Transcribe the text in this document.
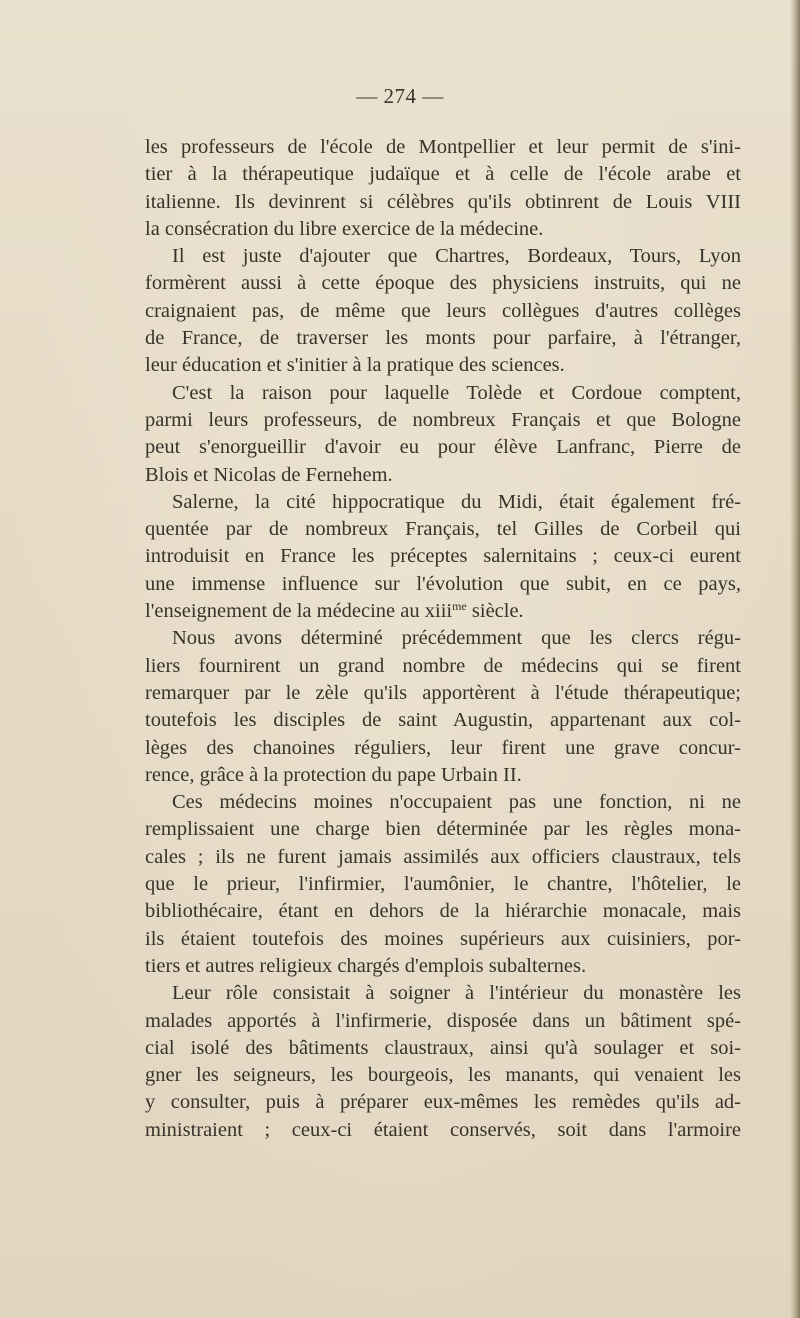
— 274 —
les professeurs de l'école de Montpellier et leur permit de s'ini-
tier à la thérapeutique judaïque et à celle de l'école arabe et
italienne. Ils devinrent si célèbres qu'ils obtinrent de Louis VIII
la consécration du libre exercice de la médecine.
Il est juste d'ajouter que Chartres, Bordeaux, Tours, Lyon
formèrent aussi à cette époque des physiciens instruits, qui ne
craignaient pas, de même que leurs collègues d'autres collèges
de France, de traverser les monts pour parfaire, à l'étranger,
leur éducation et s'initier à la pratique des sciences.
C'est la raison pour laquelle Tolède et Cordoue comptent,
parmi leurs professeurs, de nombreux Français et que Bologne
peut s'enorgueillir d'avoir eu pour élève Lanfranc, Pierre de
Blois et Nicolas de Fernehem.
Salerne, la cité hippocratique du Midi, était également fré-
quentée par de nombreux Français, tel Gilles de Corbeil qui
introduisit en France les préceptes salernitains ; ceux-ci eurent
une immense influence sur l'évolution que subit, en ce pays,
l'enseignement de la médecine au xiii$^{me}$ siècle.
Nous avons déterminé précédemment que les clercs régu-
liers fournirent un grand nombre de médecins qui se firent
remarquer par le zèle qu'ils apportèrent à l'étude thérapeutique;
toutefois les disciples de saint Augustin, appartenant aux col-
lèges des chanoines réguliers, leur firent une grave concur-
rence, grâce à la protection du pape Urbain II.
Ces médecins moines n'occupaient pas une fonction, ni ne
remplissaient une charge bien déterminée par les règles mona-
cales ; ils ne furent jamais assimilés aux officiers claustraux, tels
que le prieur, l'infirmier, l'aumônier, le chantre, l'hôtelier, le
bibliothécaire, étant en dehors de la hiérarchie monacale, mais
ils étaient toutefois des moines supérieurs aux cuisiniers, por-
tiers et autres religieux chargés d'emplois subalternes.
Leur rôle consistait à soigner à l'intérieur du monastère les
malades apportés à l'infirmerie, disposée dans un bâtiment spé-
cial isolé des bâtiments claustraux, ainsi qu'à soulager et soi-
gner les seigneurs, les bourgeois, les manants, qui venaient les
y consulter, puis à préparer eux-mêmes les remèdes qu'ils ad-
ministraient ; ceux-ci étaient conservés, soit dans l'armoire
